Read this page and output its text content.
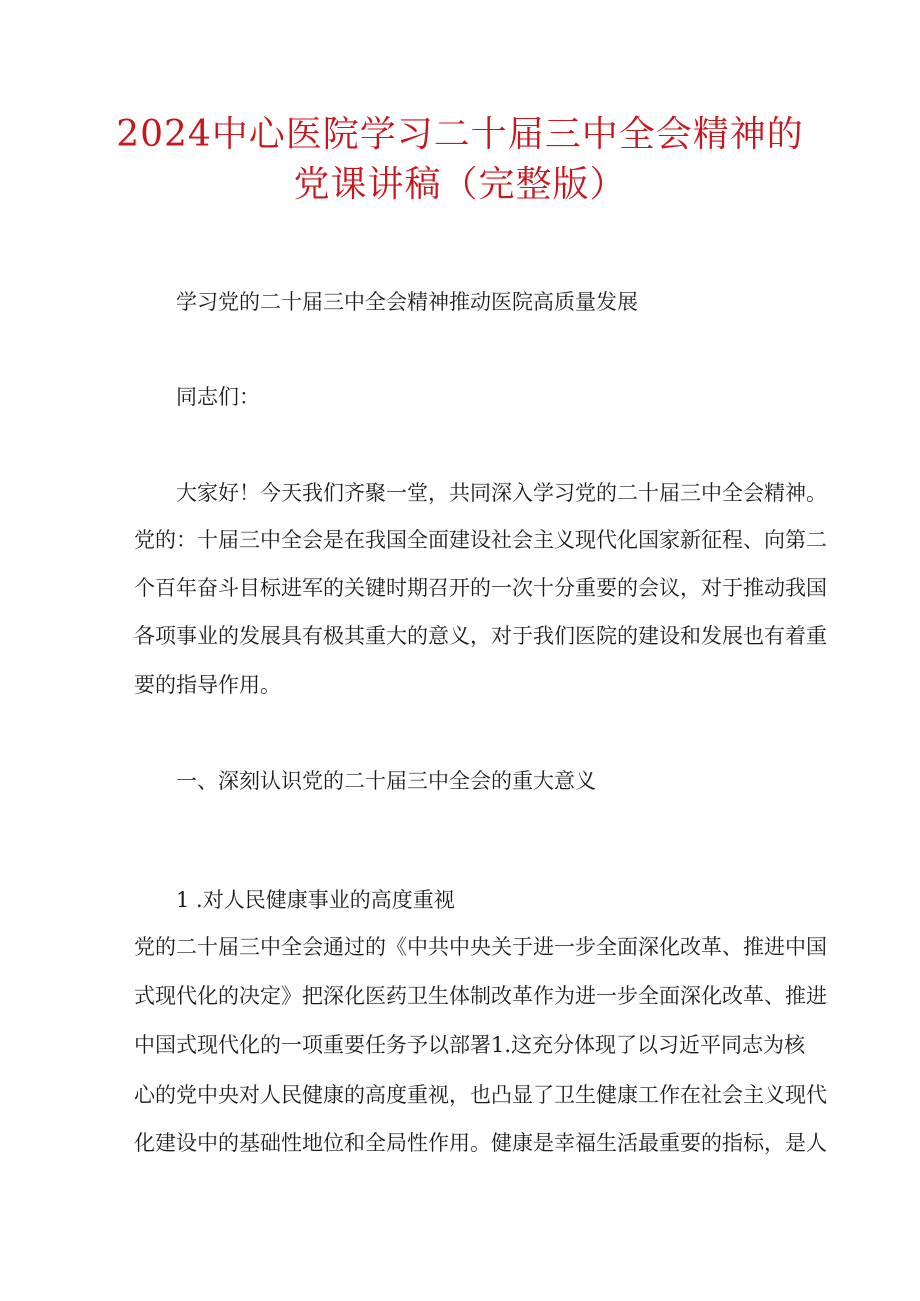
2024中心医院学习二十届三中全会精神的
党课讲稿（完整版）
学习党的二十届三中全会精神推动医院高质量发展
同志们：
大家好！今天我们齐聚一堂，共同深入学习党的二十届三中全会精神。
党的：十届三中全会是在我国全面建设社会主义现代化国家新征程、向第二
个百年奋斗目标进军的关键时期召开的一次十分重要的会议，对于推动我国
各项事业的发展具有极其重大的意义，对于我们医院的建设和发展也有着重
要的指导作用。
一、深刻认识党的二十届三中全会的重大意义
1 .对人民健康事业的高度重视
党的二十届三中全会通过的《中共中央关于进一步全面深化改革、推进中国
式现代化的决定》把深化医药卫生体制改革作为进一步全面深化改革、推进
中国式现代化的一项重要任务予以部署1.这充分体现了以习近平同志为核
心的党中央对人民健康的高度重视，也凸显了卫生健康工作在社会主义现代
化建设中的基础性地位和全局性作用。健康是幸福生活最重要的指标，是人
